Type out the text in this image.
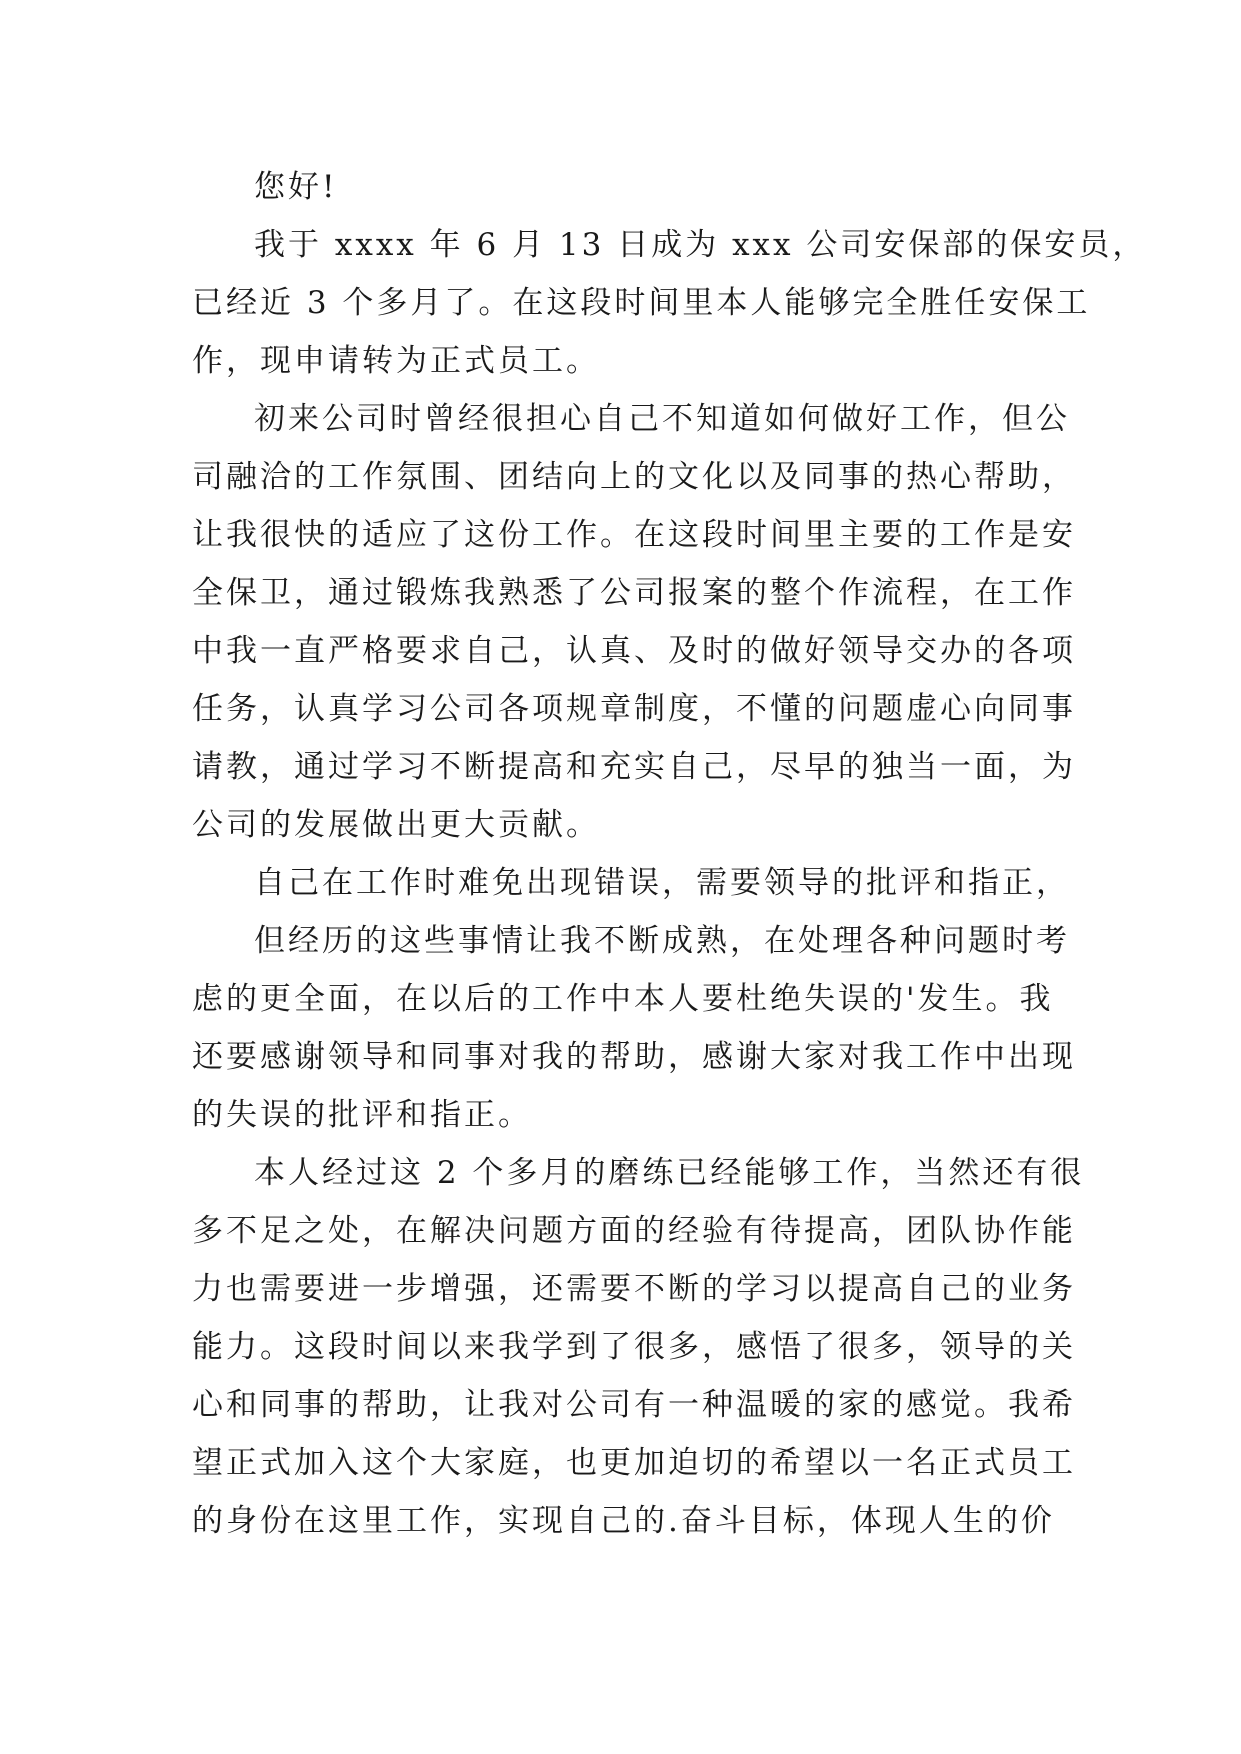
您好!
我于 xxxx 年 6 月 13 日成为 xxx 公司安保部的保安员，
已经近 3 个多月了。在这段时间里本人能够完全胜任安保工
作，现申请转为正式员工。
初来公司时曾经很担心自己不知道如何做好工作，但公
司融洽的工作氛围、团结向上的文化以及同事的热心帮助，
让我很快的适应了这份工作。在这段时间里主要的工作是安
全保卫，通过锻炼我熟悉了公司报案的整个作流程，在工作
中我一直严格要求自己，认真、及时的做好领导交办的各项
任务，认真学习公司各项规章制度，不懂的问题虚心向同事
请教，通过学习不断提高和充实自己，尽早的独当一面，为
公司的发展做出更大贡献。
自己在工作时难免出现错误，需要领导的批评和指正，
但经历的这些事情让我不断成熟，在处理各种问题时考
虑的更全面，在以后的工作中本人要杜绝失误的'发生。我
还要感谢领导和同事对我的帮助，感谢大家对我工作中出现
的失误的批评和指正。
本人经过这 2 个多月的磨练已经能够工作，当然还有很
多不足之处，在解决问题方面的经验有待提高，团队协作能
力也需要进一步增强，还需要不断的学习以提高自己的业务
能力。这段时间以来我学到了很多，感悟了很多，领导的关
心和同事的帮助，让我对公司有一种温暖的家的感觉。我希
望正式加入这个大家庭，也更加迫切的希望以一名正式员工
的身份在这里工作，实现自己的.奋斗目标，体现人生的价
